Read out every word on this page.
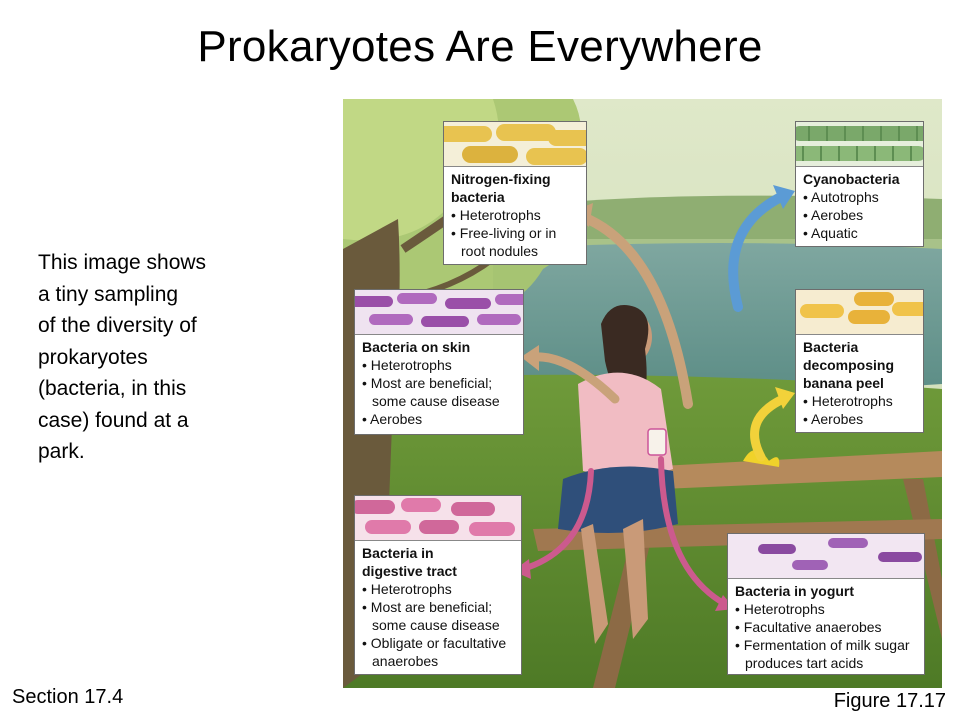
Prokaryotes Are Everywhere
This image shows
a tiny sampling
of the diversity of
prokaryotes
(bacteria, in this
case) found at a
park.
Nitrogen-fixing
bacteria
• Heterotrophs
• Free-living or in root nodules
Cyanobacteria
• Autotrophs
• Aerobes
• Aquatic
Bacteria on skin
• Heterotrophs
• Most are beneficial; some cause disease
• Aerobes
Bacteria
decomposing
banana peel
• Heterotrophs
• Aerobes
Bacteria in
digestive tract
• Heterotrophs
• Most are beneficial; some cause disease
• Obligate or facultative anaerobes
Bacteria in yogurt
• Heterotrophs
• Facultative anaerobes
• Fermentation of milk sugar produces tart acids
Section 17.4	Figure 17.17
